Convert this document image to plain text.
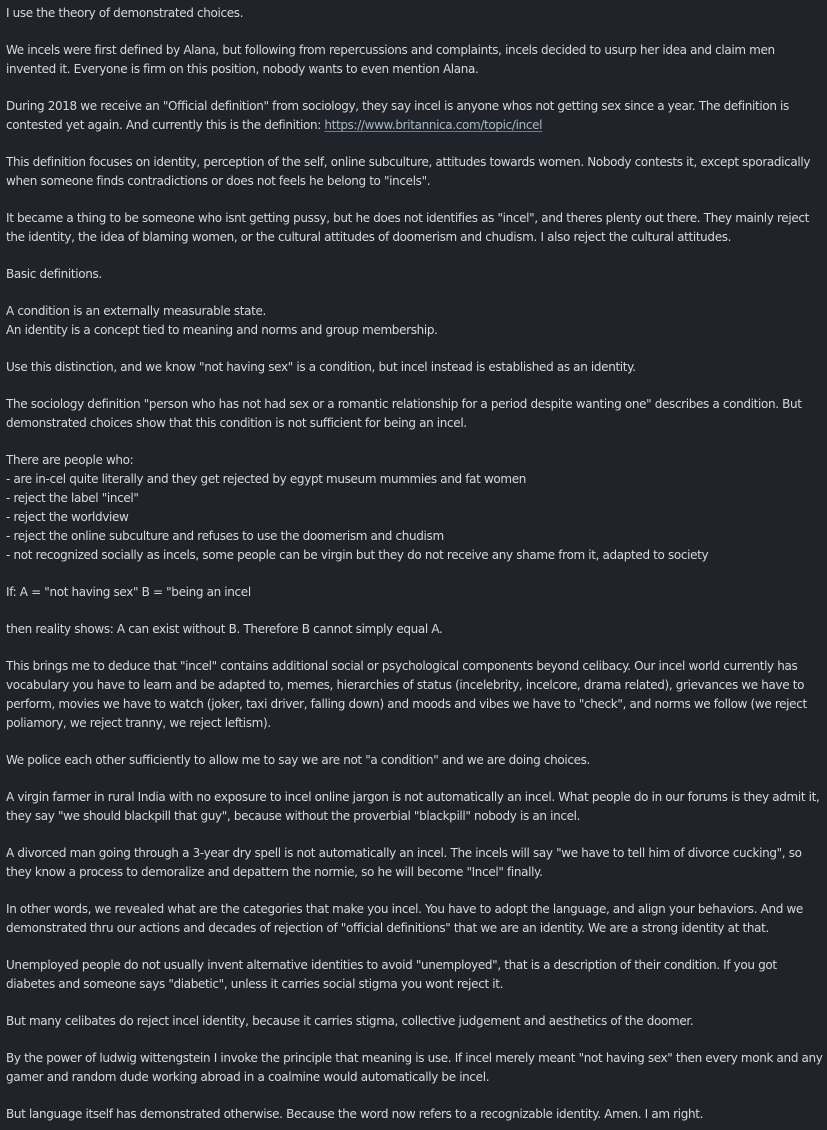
I use the theory of demonstrated choices.

We incels were first defined by Alana, but following from repercussions and complaints, incels decided to usurp her idea and claim men invented it. Everyone is firm on this position, nobody wants to even mention Alana.

During 2018 we receive an "Official definition" from sociology, they say incel is anyone whos not getting sex since a year. The definition is contested yet again. And currently this is the definition: https://www.britannica.com/topic/incel

This definition focuses on identity, perception of the self, online subculture, attitudes towards women. Nobody contests it, except sporadically when someone finds contradictions or does not feels he belong to "incels".

It became a thing to be someone who isnt getting pussy, but he does not identifies as "incel", and theres plenty out there. They mainly reject the identity, the idea of blaming women, or the cultural attitudes of doomerism and chudism. I also reject the cultural attitudes.

Basic definitions.

A condition is an externally measurable state.
An identity is a concept tied to meaning and norms and group membership.

Use this distinction, and we know "not having sex" is a condition, but incel instead is established as an identity.

The sociology definition "person who has not had sex or a romantic relationship for a period despite wanting one" describes a condition. But demonstrated choices show that this condition is not sufficient for being an incel.

There are people who:
- are in-cel quite literally and they get rejected by egypt museum mummies and fat women
- reject the label "incel"
- reject the worldview
- reject the online subculture and refuses to use the doomerism and chudism
- not recognized socially as incels, some people can be virgin but they do not receive any shame from it, adapted to society

If: A = "not having sex" B = "being an incel

then reality shows: A can exist without B. Therefore B cannot simply equal A.

This brings me to deduce that "incel" contains additional social or psychological components beyond celibacy. Our incel world currently has vocabulary you have to learn and be adapted to, memes, hierarchies of status (incelebrity, incelcore, drama related), grievances we have to perform, movies we have to watch (joker, taxi driver, falling down) and moods and vibes we have to "check", and norms we follow (we reject poliamory, we reject tranny, we reject leftism).

We police each other sufficiently to allow me to say we are not "a condition" and we are doing choices.

A virgin farmer in rural India with no exposure to incel online jargon is not automatically an incel. What people do in our forums is they admit it, they say "we should blackpill that guy", because without the proverbial "blackpill" nobody is an incel.

A divorced man going through a 3-year dry spell is not automatically an incel. The incels will say "we have to tell him of divorce cucking", so they know a process to demoralize and depattern the normie, so he will become "Incel" finally.

In other words, we revealed what are the categories that make you incel. You have to adopt the language, and align your behaviors. And we demonstrated thru our actions and decades of rejection of "official definitions" that we are an identity. We are a strong identity at that.

Unemployed people do not usually invent alternative identities to avoid "unemployed", that is a description of their condition. If you got diabetes and someone says "diabetic", unless it carries social stigma you wont reject it.

But many celibates do reject incel identity, because it carries stigma, collective judgement and aesthetics of the doomer.

By the power of ludwig wittengstein I invoke the principle that meaning is use. If incel merely meant "not having sex" then every monk and any gamer and random dude working abroad in a coalmine would automatically be incel.

But language itself has demonstrated otherwise. Because the word now refers to a recognizable identity. Amen. I am right.
